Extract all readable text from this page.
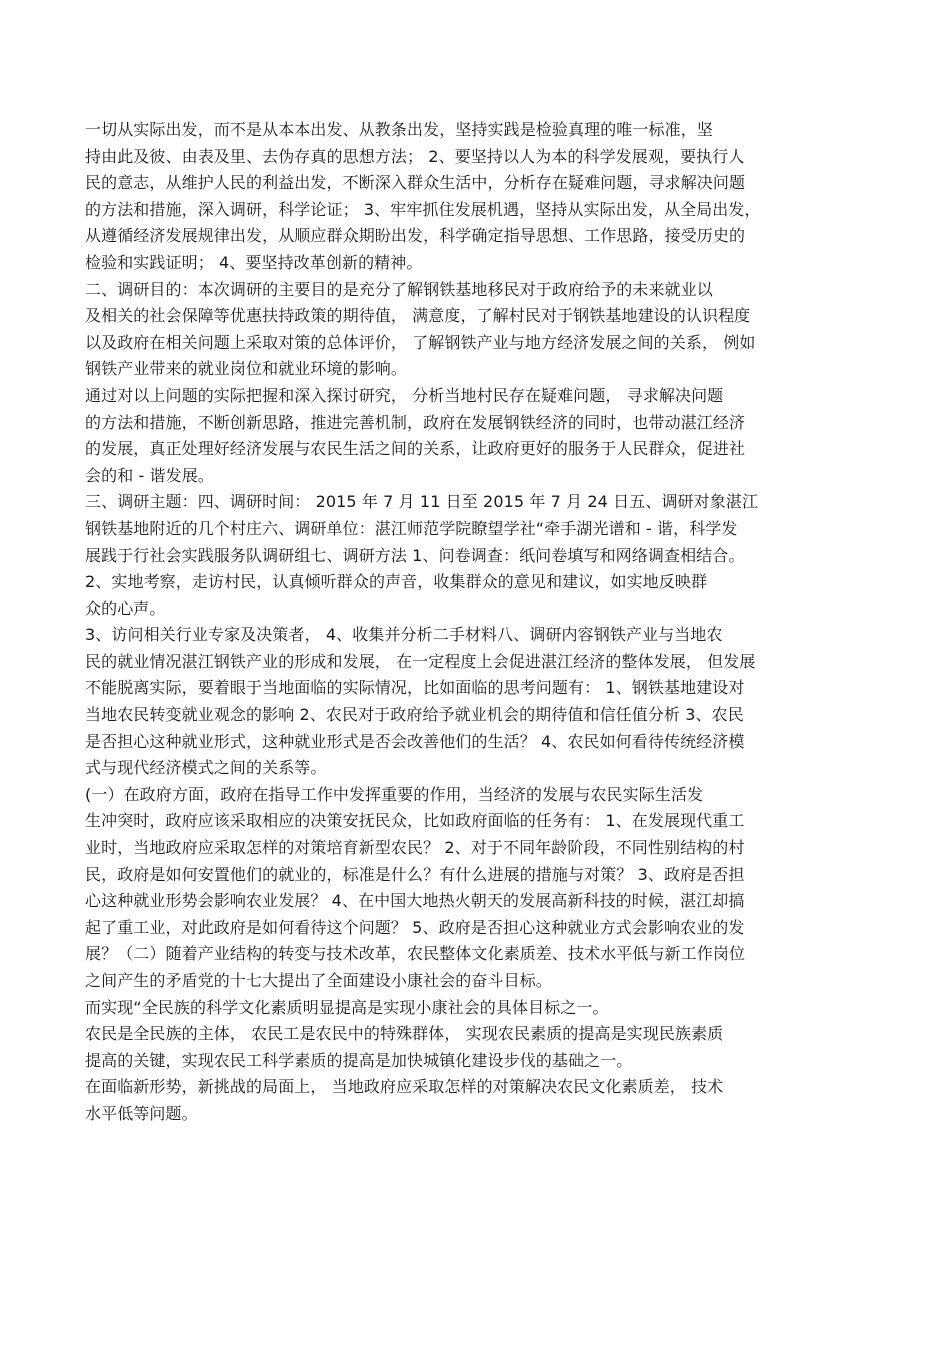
一切从实际出发，而不是从本本出发、从教条出发，坚持实践是检验真理的唯一标准，坚
持由此及彼、由表及里、去伪存真的思想方法； 2、要坚持以人为本的科学发展观，要执行人
民的意志，从维护人民的利益出发，不断深入群众生活中，分析存在疑难问题，寻求解决问题
的方法和措施，深入调研，科学论证； 3、牢牢抓住发展机遇，坚持从实际出发，从全局出发，
从遵循经济发展规律出发，从顺应群众期盼出发，科学确定指导思想、工作思路，接受历史的
检验和实践证明； 4、要坚持改革创新的精神。

二、调研目的：本次调研的主要目的是充分了解钢铁基地移民对于政府给予的未来就业以
及相关的社会保障等优惠扶持政策的期待值， 满意度，了解村民对于钢铁基地建设的认识程度
以及政府在相关问题上采取对策的总体评价， 了解钢铁产业与地方经济发展之间的关系， 例如
钢铁产业带来的就业岗位和就业环境的影响。

通过对以上问题的实际把握和深入探讨研究， 分析当地村民存在疑难问题， 寻求解决问题
的方法和措施，不断创新思路，推进完善机制，政府在发展钢铁经济的同时，也带动湛江经济
的发展，真正处理好经济发展与农民生活之间的关系，让政府更好的服务于人民群众，促进社
会的和 - 谐发展。

三、调研主题：四、调研时间： 2015 年 7 月 11 日至 2015 年 7 月 24 日五、调研对象湛江
钢铁基地附近的几个村庄六、调研单位：湛江师范学院瞭望学社“牵手湖光谱和 - 谐，科学发
展践于行社会实践服务队调研组七、调研方法 1、问卷调查：纸问卷填写和网络调查相结合。

2、实地考察，走访村民，认真倾听群众的声音，收集群众的意见和建议，如实地反映群
众的心声。

3、访问相关行业专家及决策者， 4、收集并分析二手材料八、调研内容钢铁产业与当地农
民的就业情况湛江钢铁产业的形成和发展， 在一定程度上会促进湛江经济的整体发展， 但发展
不能脱离实际，要着眼于当地面临的实际情况，比如面临的思考问题有： 1、钢铁基地建设对
当地农民转变就业观念的影响 2、农民对于政府给予就业机会的期待值和信任值分析 3、农民
是否担心这种就业形式，这种就业形式是否会改善他们的生活？ 4、农民如何看待传统经济模
式与现代经济模式之间的关系等。

(一）在政府方面，政府在指导工作中发挥重要的作用，当经济的发展与农民实际生活发
生冲突时，政府应该采取相应的决策安抚民众，比如政府面临的任务有： 1、在发展现代重工
业时，当地政府应采取怎样的对策培育新型农民？ 2、对于不同年龄阶段，不同性别结构的村
民，政府是如何安置他们的就业的，标准是什么？有什么进展的措施与对策？ 3、政府是否担
心这种就业形势会影响农业发展？ 4、在中国大地热火朝天的发展高新科技的时候，湛江却搞
起了重工业，对此政府是如何看待这个问题？ 5、政府是否担心这种就业方式会影响农业的发
展？（二）随着产业结构的转变与技术改革，农民整体文化素质差、技术水平低与新工作岗位
之间产生的矛盾党的十七大提出了全面建设小康社会的奋斗目标。

而实现“全民族的科学文化素质明显提高是实现小康社会的具体目标之一。

农民是全民族的主体， 农民工是农民中的特殊群体， 实现农民素质的提高是实现民族素质
提高的关键，实现农民工科学素质的提高是加快城镇化建设步伐的基础之一。

在面临新形势，新挑战的局面上， 当地政府应采取怎样的对策解决农民文化素质差， 技术
水平低等问题。
